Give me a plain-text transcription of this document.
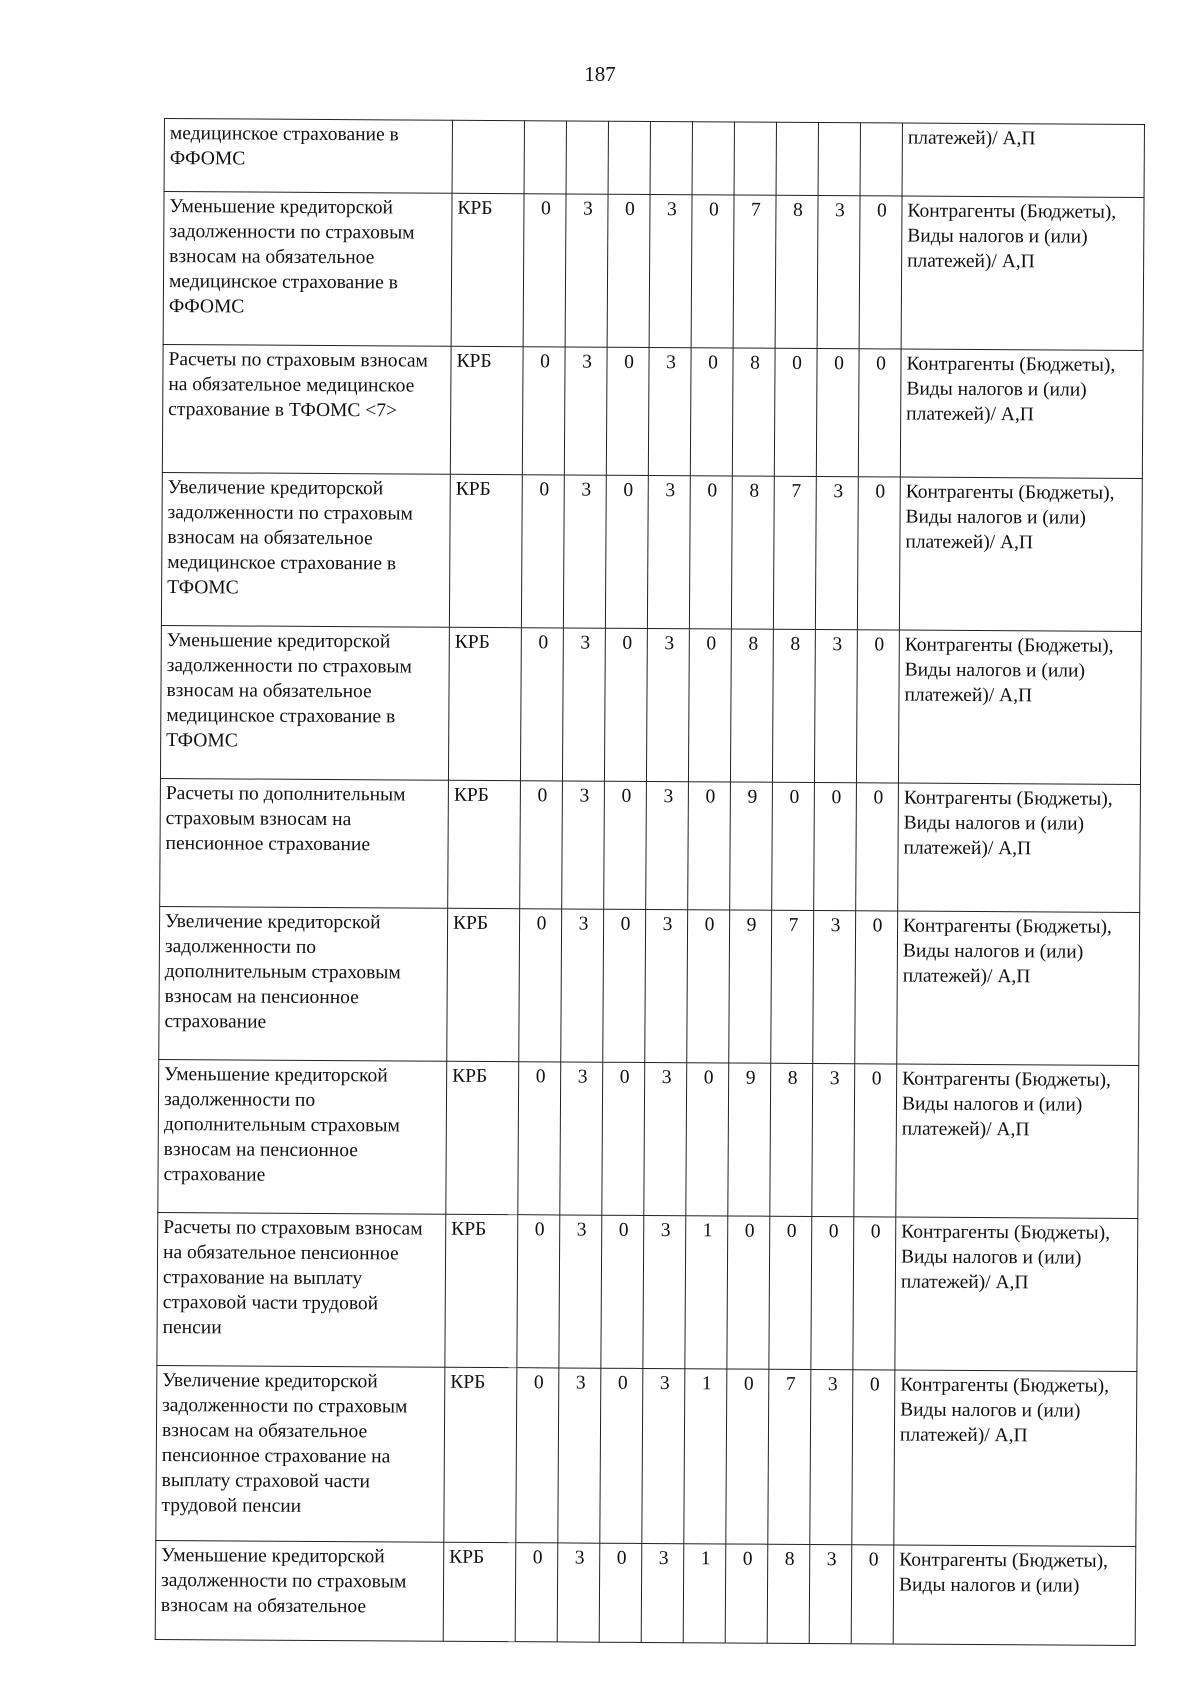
187
медицинское страхование в ФФОМС											платежей)/ А,П
Уменьшение кредиторской задолженности по страховым взносам на обязательное медицинское страхование в ФФОМС	КРБ	0	3	0	3	0	7	8	3	0	Контрагенты (Бюджеты), Виды налогов и (или) платежей)/ А,П
Расчеты по страховым взносам на обязательное медицинское страхование в ТФОМС <7>	КРБ	0	3	0	3	0	8	0	0	0	Контрагенты (Бюджеты), Виды налогов и (или) платежей)/ А,П
Увеличение кредиторской задолженности по страховым взносам на обязательное медицинское страхование в ТФОМС	КРБ	0	3	0	3	0	8	7	3	0	Контрагенты (Бюджеты), Виды налогов и (или) платежей)/ А,П
Уменьшение кредиторской задолженности по страховым взносам на обязательное медицинское страхование в ТФОМС	КРБ	0	3	0	3	0	8	8	3	0	Контрагенты (Бюджеты), Виды налогов и (или) платежей)/ А,П
Расчеты по дополнительным страховым взносам на пенсионное страхование	КРБ	0	3	0	3	0	9	0	0	0	Контрагенты (Бюджеты), Виды налогов и (или) платежей)/ А,П
Увеличение кредиторской задолженности по дополнительным страховым взносам на пенсионное страхование	КРБ	0	3	0	3	0	9	7	3	0	Контрагенты (Бюджеты), Виды налогов и (или) платежей)/ А,П
Уменьшение кредиторской задолженности по дополнительным страховым взносам на пенсионное страхование	КРБ	0	3	0	3	0	9	8	3	0	Контрагенты (Бюджеты), Виды налогов и (или) платежей)/ А,П
Расчеты по страховым взносам на обязательное пенсионное страхование на выплату страховой части трудовой пенсии	КРБ	0	3	0	3	1	0	0	0	0	Контрагенты (Бюджеты), Виды налогов и (или) платежей)/ А,П
Увеличение кредиторской задолженности по страховым взносам на обязательное пенсионное страхование на выплату страховой части трудовой пенсии	КРБ	0	3	0	3	1	0	7	3	0	Контрагенты (Бюджеты), Виды налогов и (или) платежей)/ А,П
Уменьшение кредиторской задолженности по страховым взносам на обязательное	КРБ	0	3	0	3	1	0	8	3	0	Контрагенты (Бюджеты), Виды налогов и (или)
